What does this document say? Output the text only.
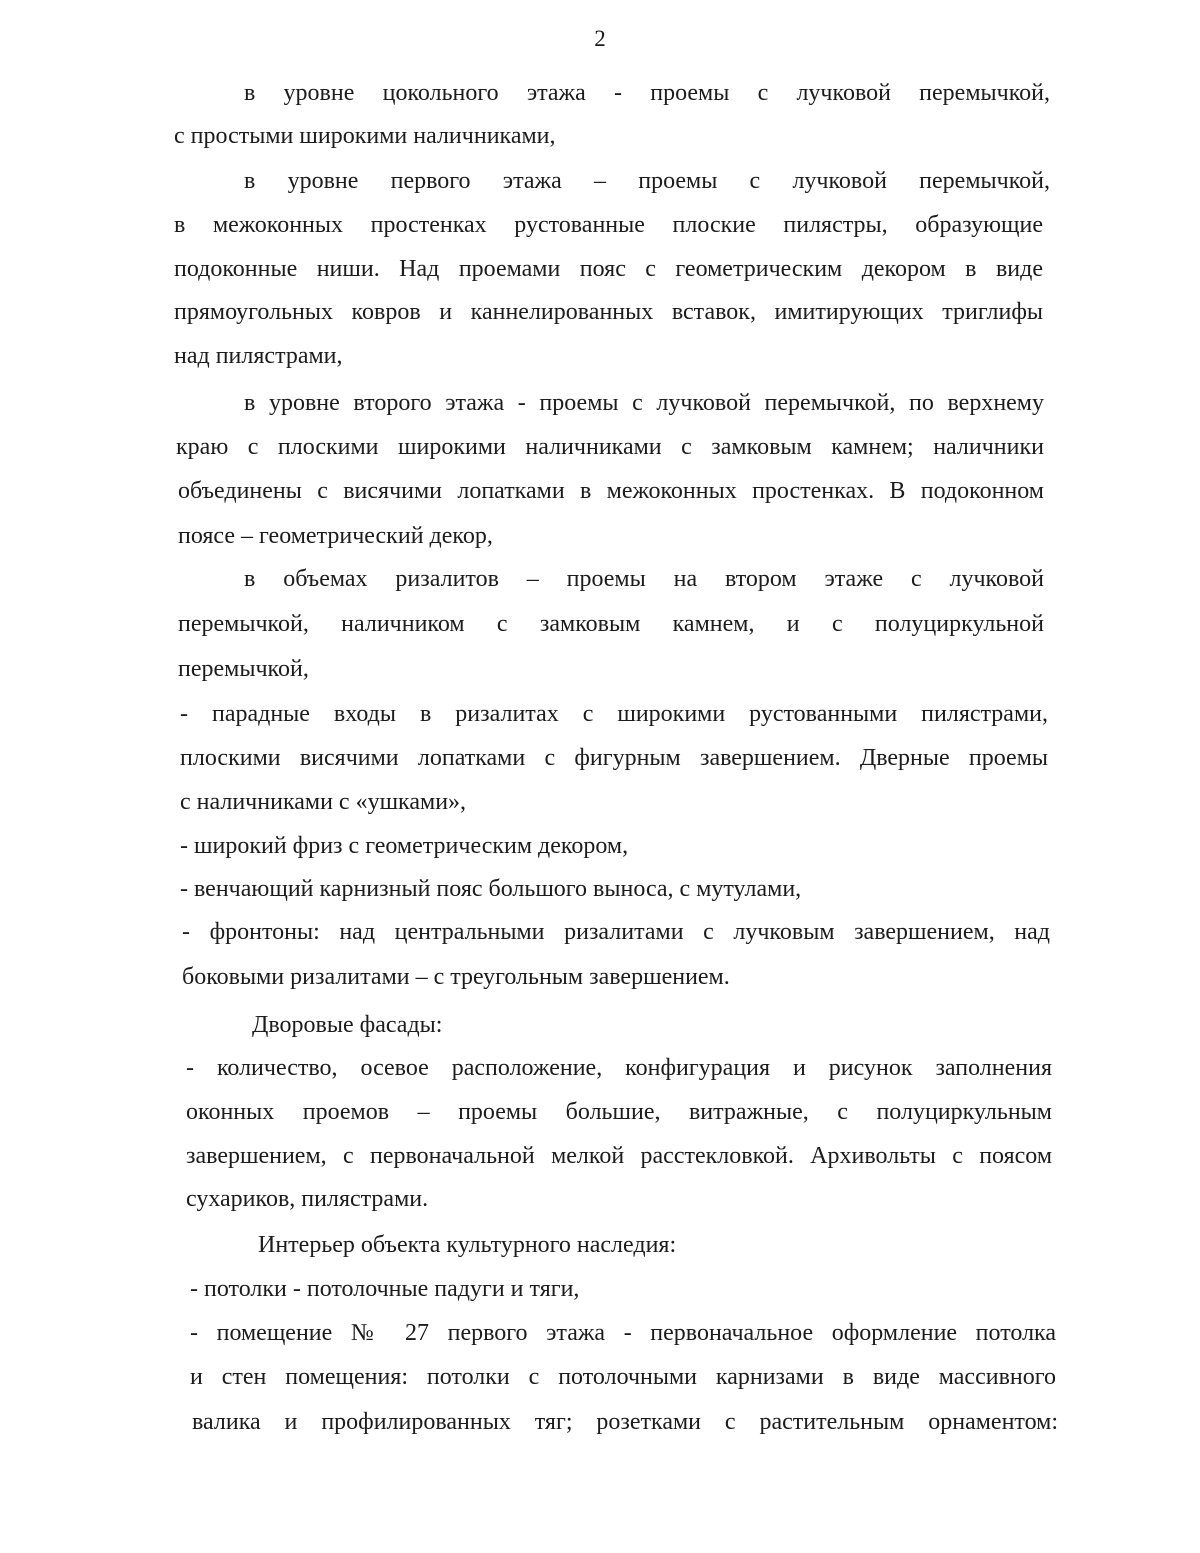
2
в уровне цокольного этажа - проемы с лучковой перемычкой,
с простыми широкими наличниками,
в уровне первого этажа – проемы с лучковой перемычкой,
в межоконных простенках рустованные плоские пилястры, образующие
подоконные ниши. Над проемами пояс с геометрическим декором в виде
прямоугольных ковров и каннелированных вставок, имитирующих триглифы
над пилястрами,
в уровне второго этажа - проемы с лучковой перемычкой, по верхнему
краю с плоскими широкими наличниками с замковым камнем; наличники
объединены с висячими лопатками в межоконных простенках. В подоконном
поясе – геометрический декор,
в объемах ризалитов – проемы на втором этаже с лучковой
перемычкой, наличником с замковым камнем, и с полуциркульной
перемычкой,
- парадные входы в ризалитах с широкими рустованными пилястрами,
плоскими висячими лопатками с фигурным завершением. Дверные проемы
с наличниками с «ушками»,
- широкий фриз с геометрическим декором,
- венчающий карнизный пояс большого выноса, с мутулами,
- фронтоны: над центральными ризалитами с лучковым завершением, над
боковыми ризалитами – с треугольным завершением.
Дворовые фасады:
- количество, осевое расположение, конфигурация и рисунок заполнения
оконных проемов – проемы большие, витражные, с полуциркульным
завершением, с первоначальной мелкой расстекловкой. Архивольты с поясом
сухариков, пилястрами.
Интерьер объекта культурного наследия:
- потолки - потолочные падуги и тяги,
- помещение № 27 первого этажа - первоначальное оформление потолка
и стен помещения: потолки с потолочными карнизами в виде массивного
валика и профилированных тяг; розетками с растительным орнаментом:
